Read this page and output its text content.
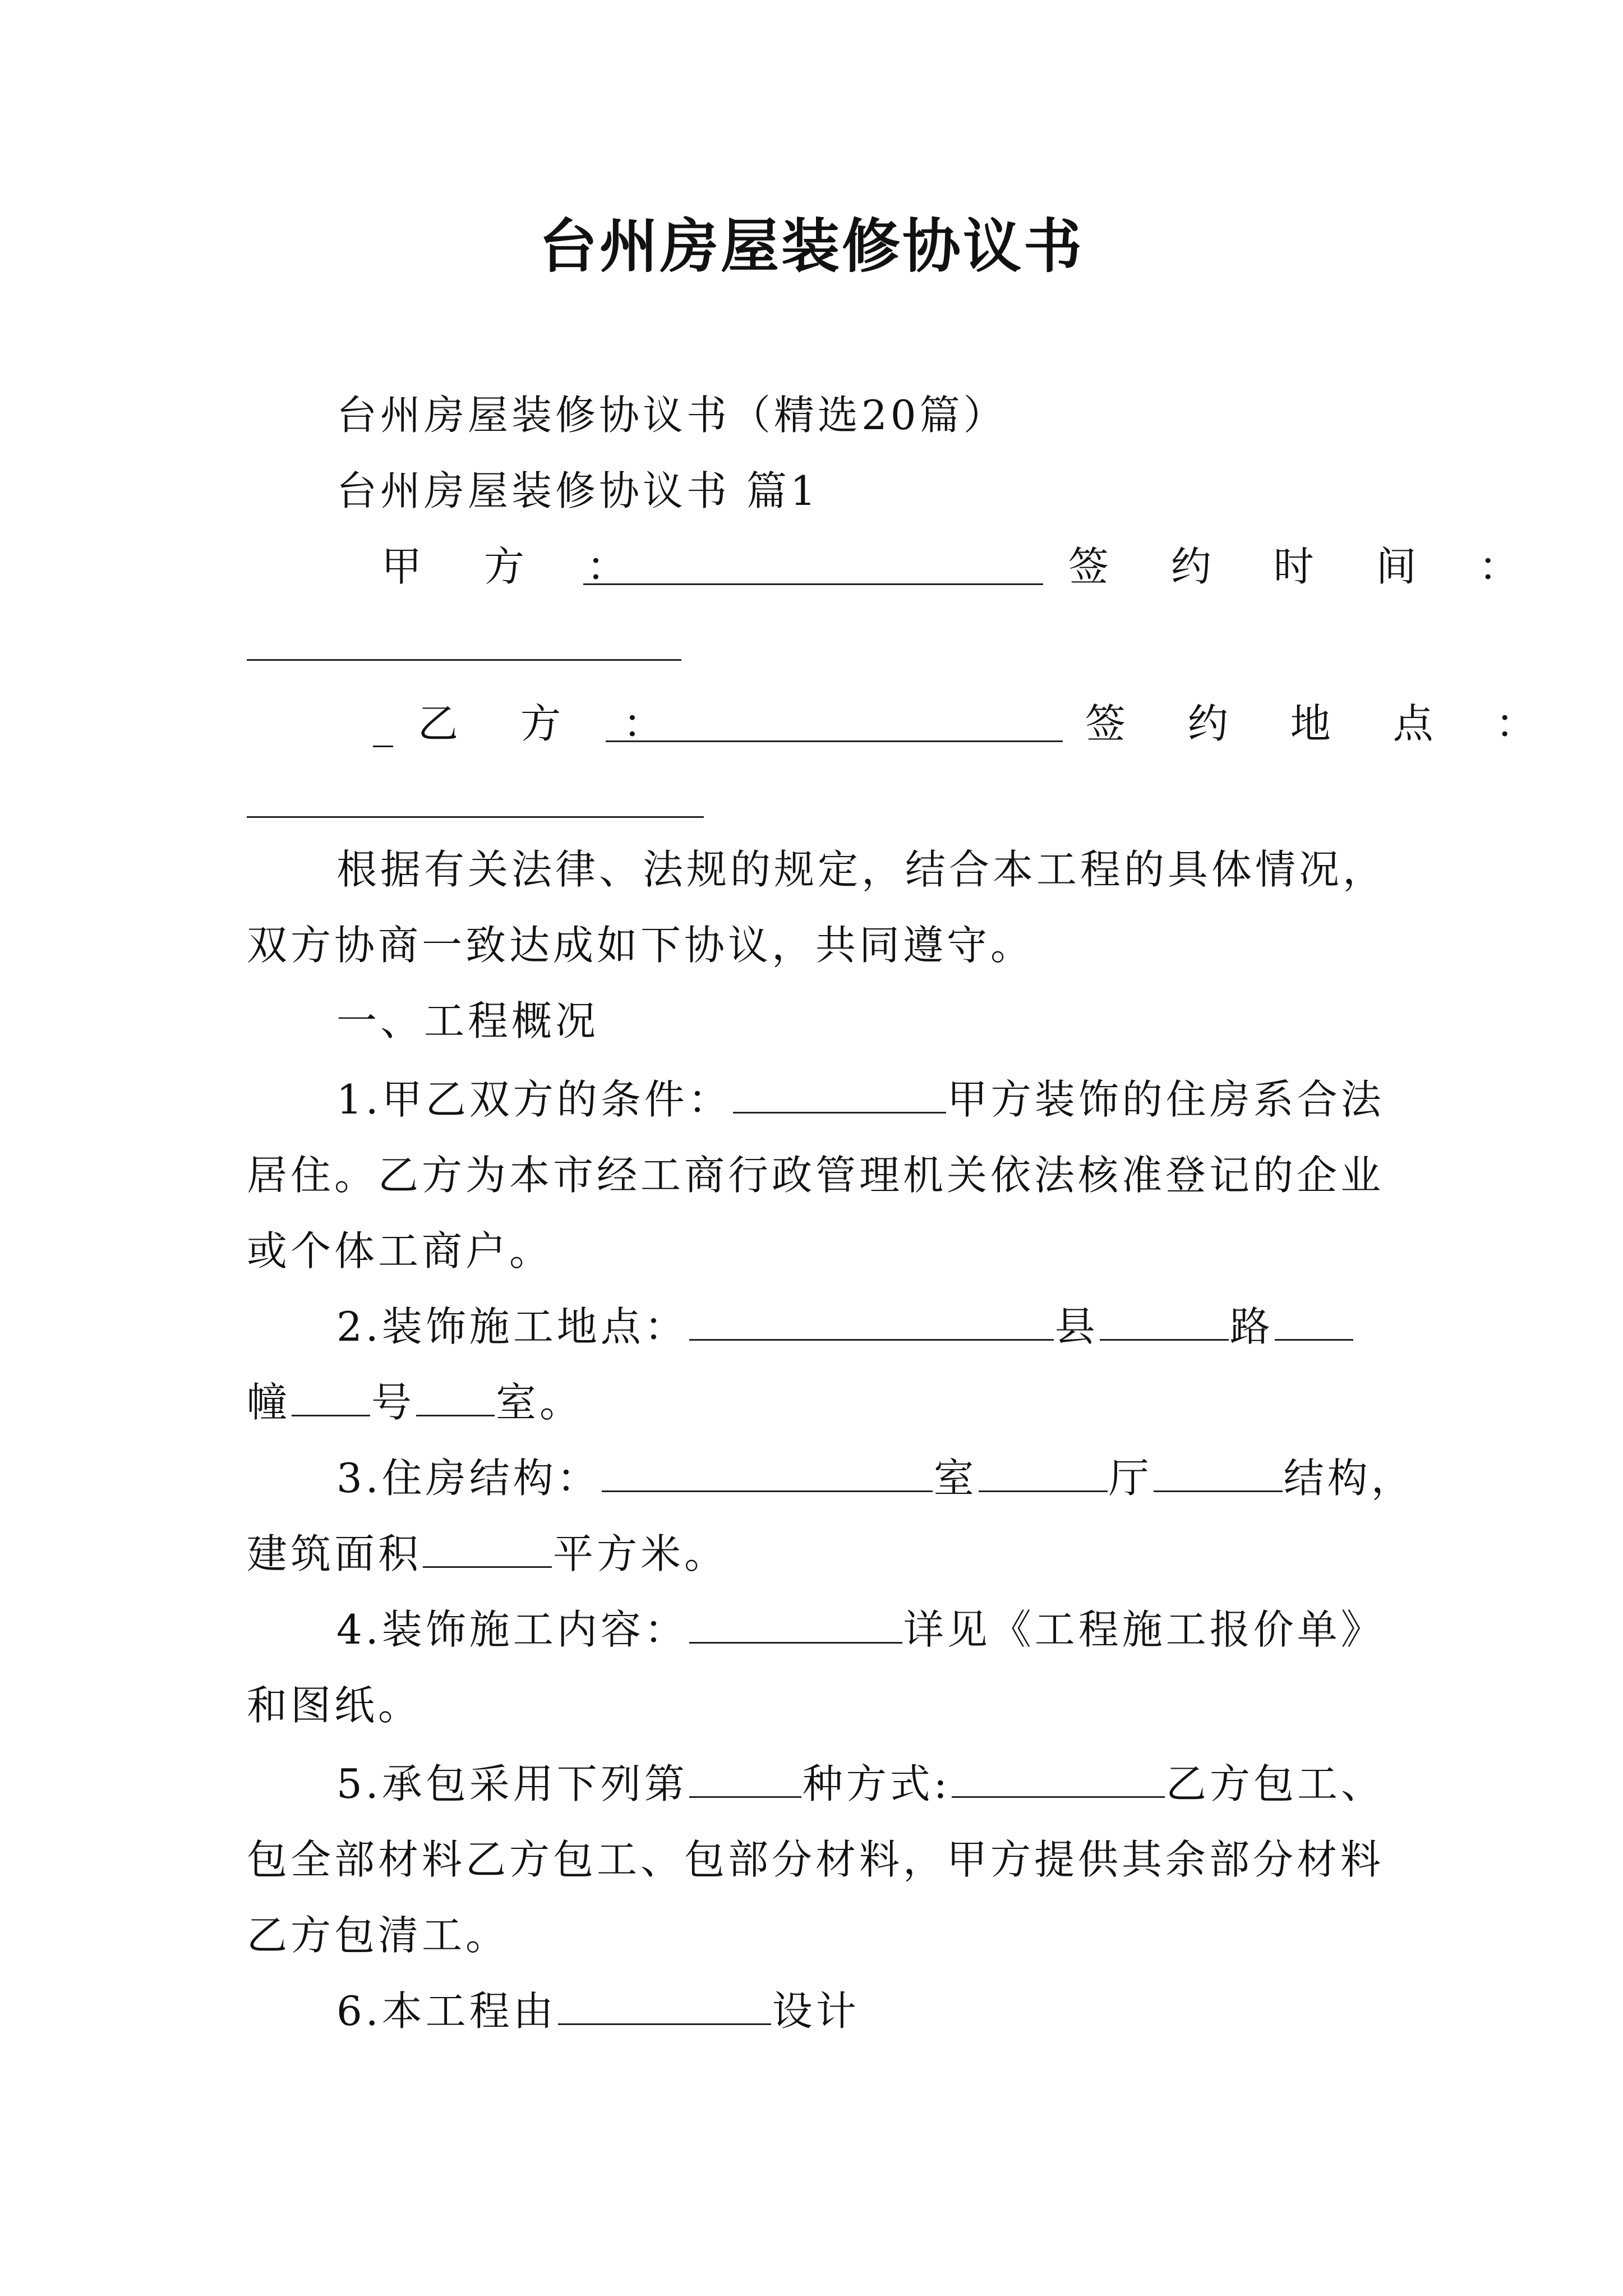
台州房屋装修协议书
台州房屋装修协议书（精选20篇）
台州房屋装修协议书 篇1
甲 方 ：	签 约 时 间 ：
_ 乙 方 ：	签 约 地 点 ：
根据有关法律、法规的规定，结合本工程的具体情况，
双方协商一致达成如下协议，共同遵守。
一、工程概况
1.甲乙双方的条件：	甲方装饰的住房系合法
居住。乙方为本市经工商行政管理机关依法核准登记的企业
或个体工商户。
2.装饰施工地点：	县	路
幢 号 室。
3.住房结构：	室	厅	结构，
建筑面积	平方米。
4.装饰施工内容：	详见《工程施工报价单》
和图纸。
5.承包采用下列第	种方式:	乙方包工、
包全部材料乙方包工、包部分材料，甲方提供其余部分材料
乙方包清工。
6.本工程由	设计
